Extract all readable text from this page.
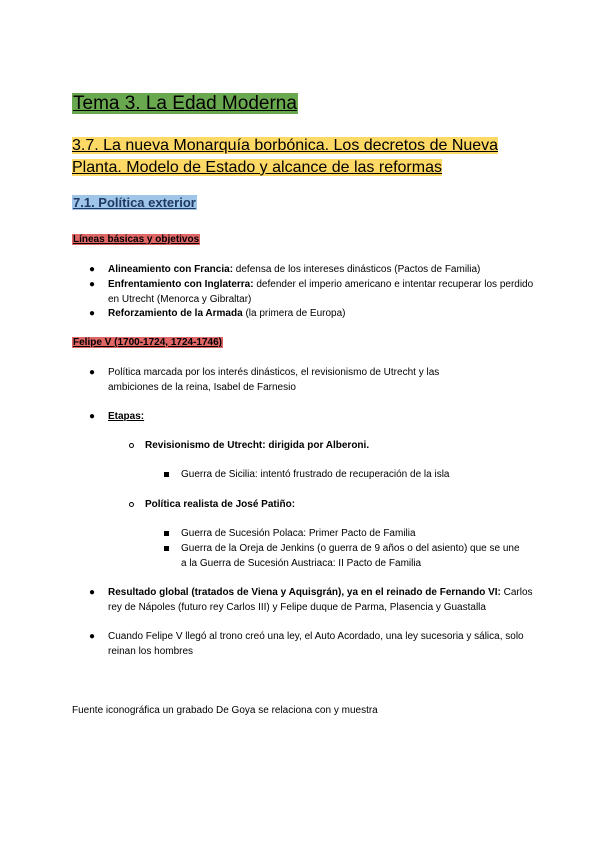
Tema 3. La Edad Moderna
3.7. La nueva Monarquía borbónica. Los decretos de Nueva Planta. Modelo de Estado y alcance de las reformas
7.1. Política exterior
Líneas básicas y objetivos
● Alineamiento con Francia: defensa de los intereses dinásticos (Pactos de Familia)
● Enfrentamiento con Inglaterra: defender el imperio americano e intentar recuperar los perdido en Utrecht (Menorca y Gibraltar)
● Reforzamiento de la Armada (la primera de Europa)
Felipe V (1700-1724, 1724-1746)
● Política marcada por los interés dinásticos, el revisionismo de Utrecht y las ambiciones de la reina, Isabel de Farnesio
● Etapas:
Revisionismo de Utrecht: dirigida por Alberoni.
Guerra de Sicilia: intentó frustrado de recuperación de la isla
Política realista de José Patiño:
Guerra de Sucesión Polaca: Primer Pacto de Familia
Guerra de la Oreja de Jenkins (o guerra de 9 años o del asiento) que se une a la Guerra de Sucesión Austriaca: II Pacto de Familia
● Resultado global (tratados de Viena y Aquisgrán), ya en el reinado de Fernando VI: Carlos rey de Nápoles (futuro rey Carlos III) y Felipe duque de Parma, Plasencia y Guastalla
● Cuando Felipe V llegó al trono creó una ley, el Auto Acordado, una ley sucesoria y sálica, solo reinan los hombres
Fuente iconográfica un grabado De Goya se relaciona con y muestra
